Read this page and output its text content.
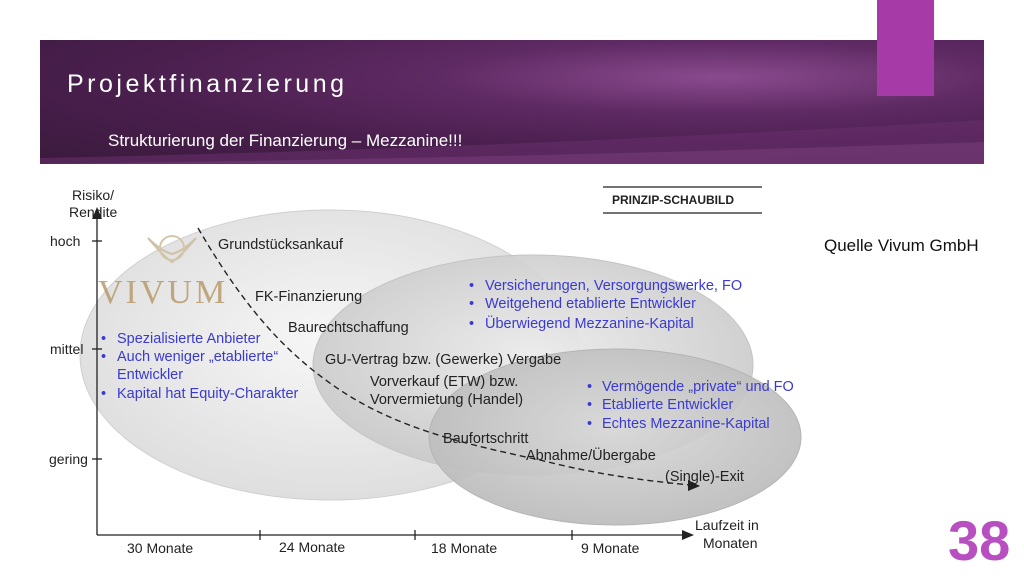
Projektfinanzierung
Strukturierung der Finanzierung – Mezzanine!!!
Quelle Vivum GmbH
38
VIVUM
Risiko/
Rendite
hoch
mittel
gering
30 Monate	24 Monate	18 Monate	9 Monate
Laufzeit in
Monaten
PRINZIP-SCHAUBILD
Grundstücksankauf
FK-Finanzierung
Baurechtschaffung
GU-Vertrag bzw. (Gewerke) Vergabe
Vorverkauf (ETW) bzw.
Vorvermietung (Handel)
Baufortschritt
Abnahme/Übergabe
(Single)-Exit
• Spezialisierte Anbieter
• Auch weniger „etablierte“
Entwickler
• Kapital hat Equity-Charakter
• Versicherungen, Versorgungswerke, FO
• Weitgehend etablierte Entwickler
• Überwiegend Mezzanine-Kapital
• Vermögende „private“ und FO
• Etablierte Entwickler
• Echtes Mezzanine-Kapital
